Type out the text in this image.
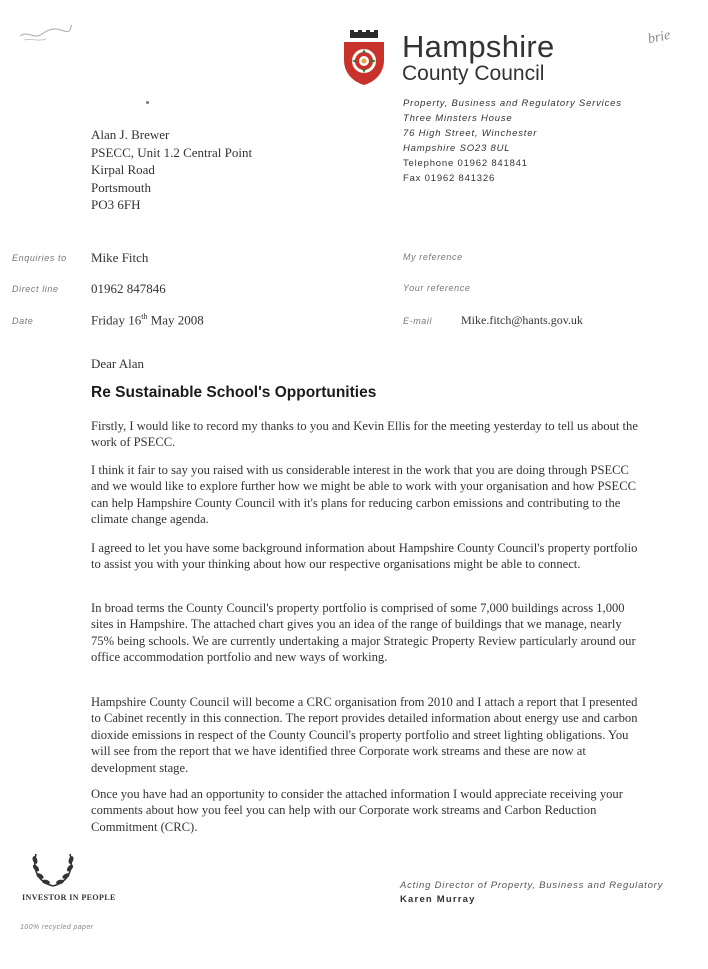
Hampshire
County Council
brie
Property, Business and Regulatory Services
Three Minsters House
76 High Street, Winchester
Hampshire SO23 8UL
Telephone 01962 841841
Fax 01962 841326
Alan J. Brewer
PSECC, Unit 1.2 Central Point
Kirpal Road
Portsmouth
PO3 6FH
Enquiries to Mike Fitch	My reference
Direct line 01962 847846	Your reference
Date	Friday 16th May 2008	E-mail Mike.fitch@hants.gov.uk
Dear Alan
Re Sustainable School's Opportunities

Firstly, I would like to record my thanks to you and Kevin Ellis for the meeting yesterday to tell us about the work of PSECC.

I think it fair to say you raised with us considerable interest in the work that you are doing through PSECC and we would like to explore further how we might be able to work with your organisation and how PSECC can help Hampshire County Council with it's plans for reducing carbon emissions and contributing to the climate change agenda.

I agreed to let you have some background information about Hampshire County Council's property portfolio to assist you with your thinking about how our respective organisations might be able to connect.

In broad terms the County Council's property portfolio is comprised of some 7,000 buildings across 1,000 sites in Hampshire. The attached chart gives you an idea of the range of buildings that we manage, nearly 75% being schools. We are currently undertaking a major Strategic Property Review particularly around our office accommodation portfolio and new ways of working.

Hampshire County Council will become a CRC organisation from 2010 and I attach a report that I presented to Cabinet recently in this connection. The report provides detailed information about energy use and carbon dioxide emissions in respect of the County Council's property portfolio and street lighting obligations. You will see from the report that we have identified three Corporate work streams and these are now at development stage.

Once you have had an opportunity to consider the attached information I would appreciate receiving your comments about how you feel you can help with our Corporate work streams and Carbon Reduction Commitment (CRC).

INVESTOR IN PEOPLE
100% recycled paper
Acting Director of Property, Business and Regulatory
Karen Murray
